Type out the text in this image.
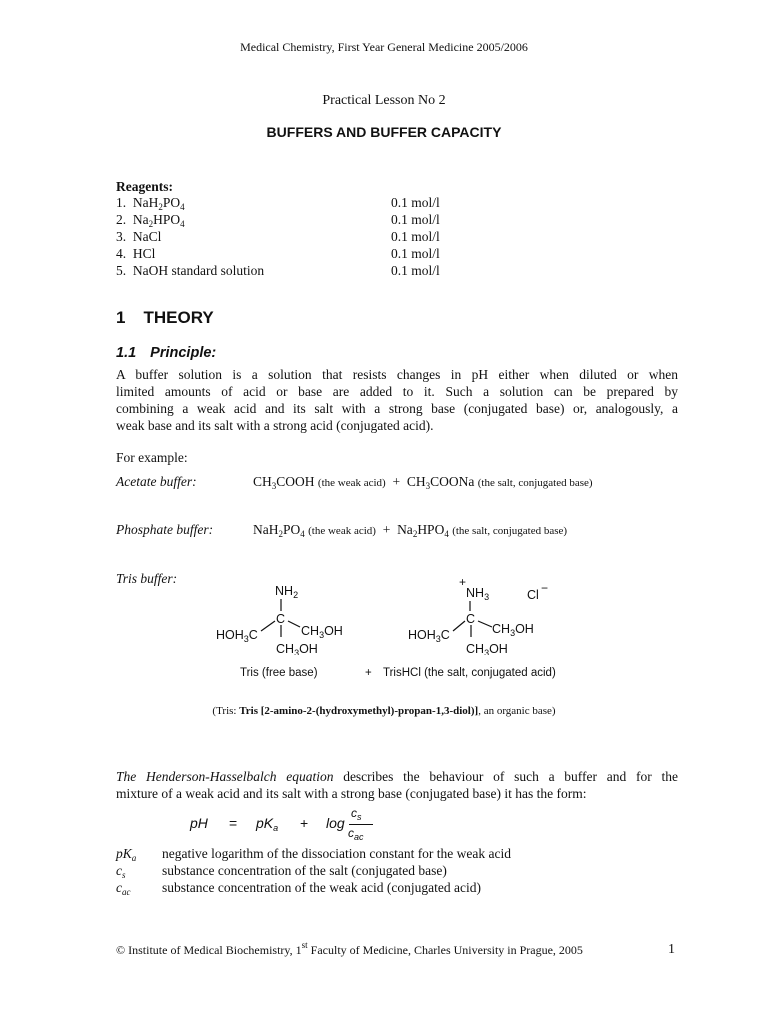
Medical Chemistry, First Year General Medicine 2005/2006
Practical Lesson No 2
BUFFERS AND BUFFER CAPACITY
Reagents:
1.  $NaH_2PO_4$	0.1 mol/l
2.  $Na_2HPO_4$	0.1 mol/l
3. NaCl	0.1 mol/l
4. HCl	0.1 mol/l
5. NaOH standard solution	0.1 mol/l
1 THEORY
1.1 Principle:
A buffer solution is a solution that resists changes in pH either when diluted or when
limited amounts of acid or base are added to it. Such a solution can be prepared by
combining a weak acid and its salt with a strong base (conjugated base) or, analogously, a
weak base and its salt with a strong acid (conjugated acid).
For example:
Acetate buffer:	$CH_3COOH$ (the weak acid) +  $CH_3COONa$ (the salt, conjugated base)
Phosphate buffer:	$NaH_2PO_4$ (the weak acid) +  $Na_2HPO_4$ (the salt, conjugated base)
Tris buffer:
$NH_2$
C
$HOH_3C$	$CH_3OH$
$CH_3OH$
+
$NH_3$	Cl −
C
$HOH_3C$	$CH_3OH$
$CH_3OH$
Tris (free base)	+ TrisHCl (the salt, conjugated acid)
(Tris: Tris [2-amino-2-(hydroxymethyl)-propan-1,3-diol)], an organic base)
The Henderson-Hasselbalch equation describes the behaviour of such a buffer and for the
mixture of a weak acid and its salt with a strong base (conjugated base) it has the form:
pH = $pK_a + \log$
$c_s$
$c_{ac}$
$pK_a$ negative logarithm of the dissociation constant for the weak acid
$c_s$	substance concentration of the salt (conjugated base)
$c_{ac}$ substance concentration of the weak acid (conjugated acid)
© Institute of Medical Biochemistry, 1st Faculty of Medicine, Charles University in Prague, 2005	1
